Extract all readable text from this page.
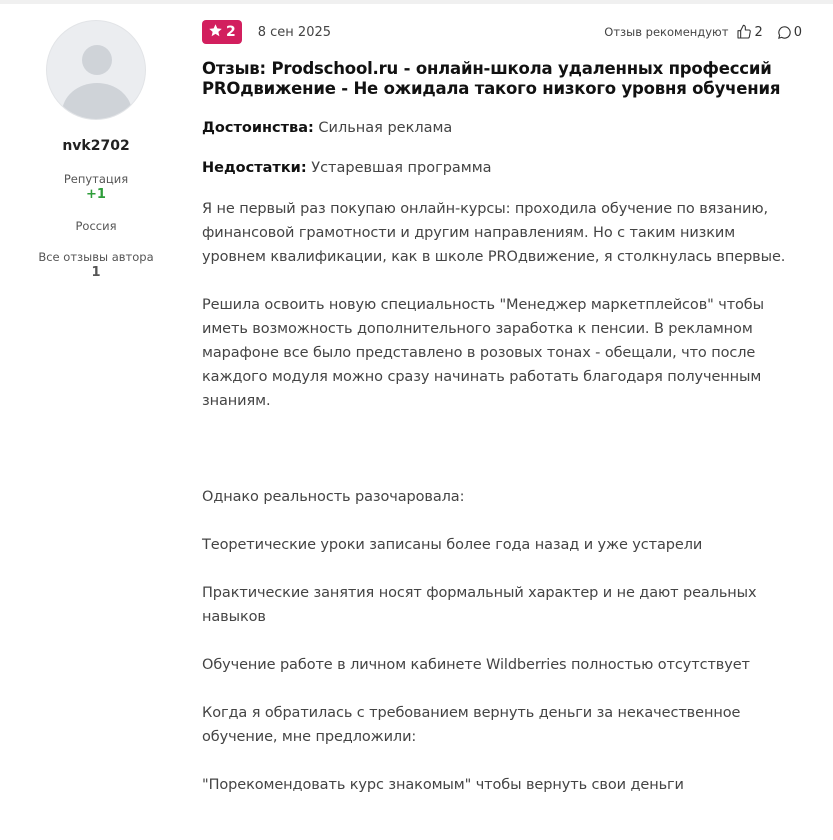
nvk2702
Репутация
+1
Россия
Все отзывы автора
1
2 8 сен 2025	Отзыв рекомендуют 2 0
Отзыв: Prodschool.ru - онлайн-школа удаленных профессий PROдвижение - Не ожидала такого низкого уровня обучения
Достоинства: Сильная реклама
Недостатки: Устаревшая программа

Я не первый раз покупаю онлайн-курсы: проходила обучение по вязанию, финансовой грамотности и другим направлениям. Но с таким низким уровнем квалификации, как в школе PROдвижение, я столкнулась впервые.

Решила освоить новую специальность "Менеджер маркетплейсов" чтобы иметь возможность дополнительного заработка к пенсии. В рекламном марафоне все было представлено в розовых тонах - обещали, что после каждого модуля можно сразу начинать работать благодаря полученным знаниям.

Однако реальность разочаровала:

Теоретические уроки записаны более года назад и уже устарели

Практические занятия носят формальный характер и не дают реальных навыков

Обучение работе в личном кабинете Wildberries полностью отсутствует

Когда я обратилась с требованием вернуть деньги за некачественное обучение, мне предложили:

"Порекомендовать курс знакомым" чтобы вернуть свои деньги
